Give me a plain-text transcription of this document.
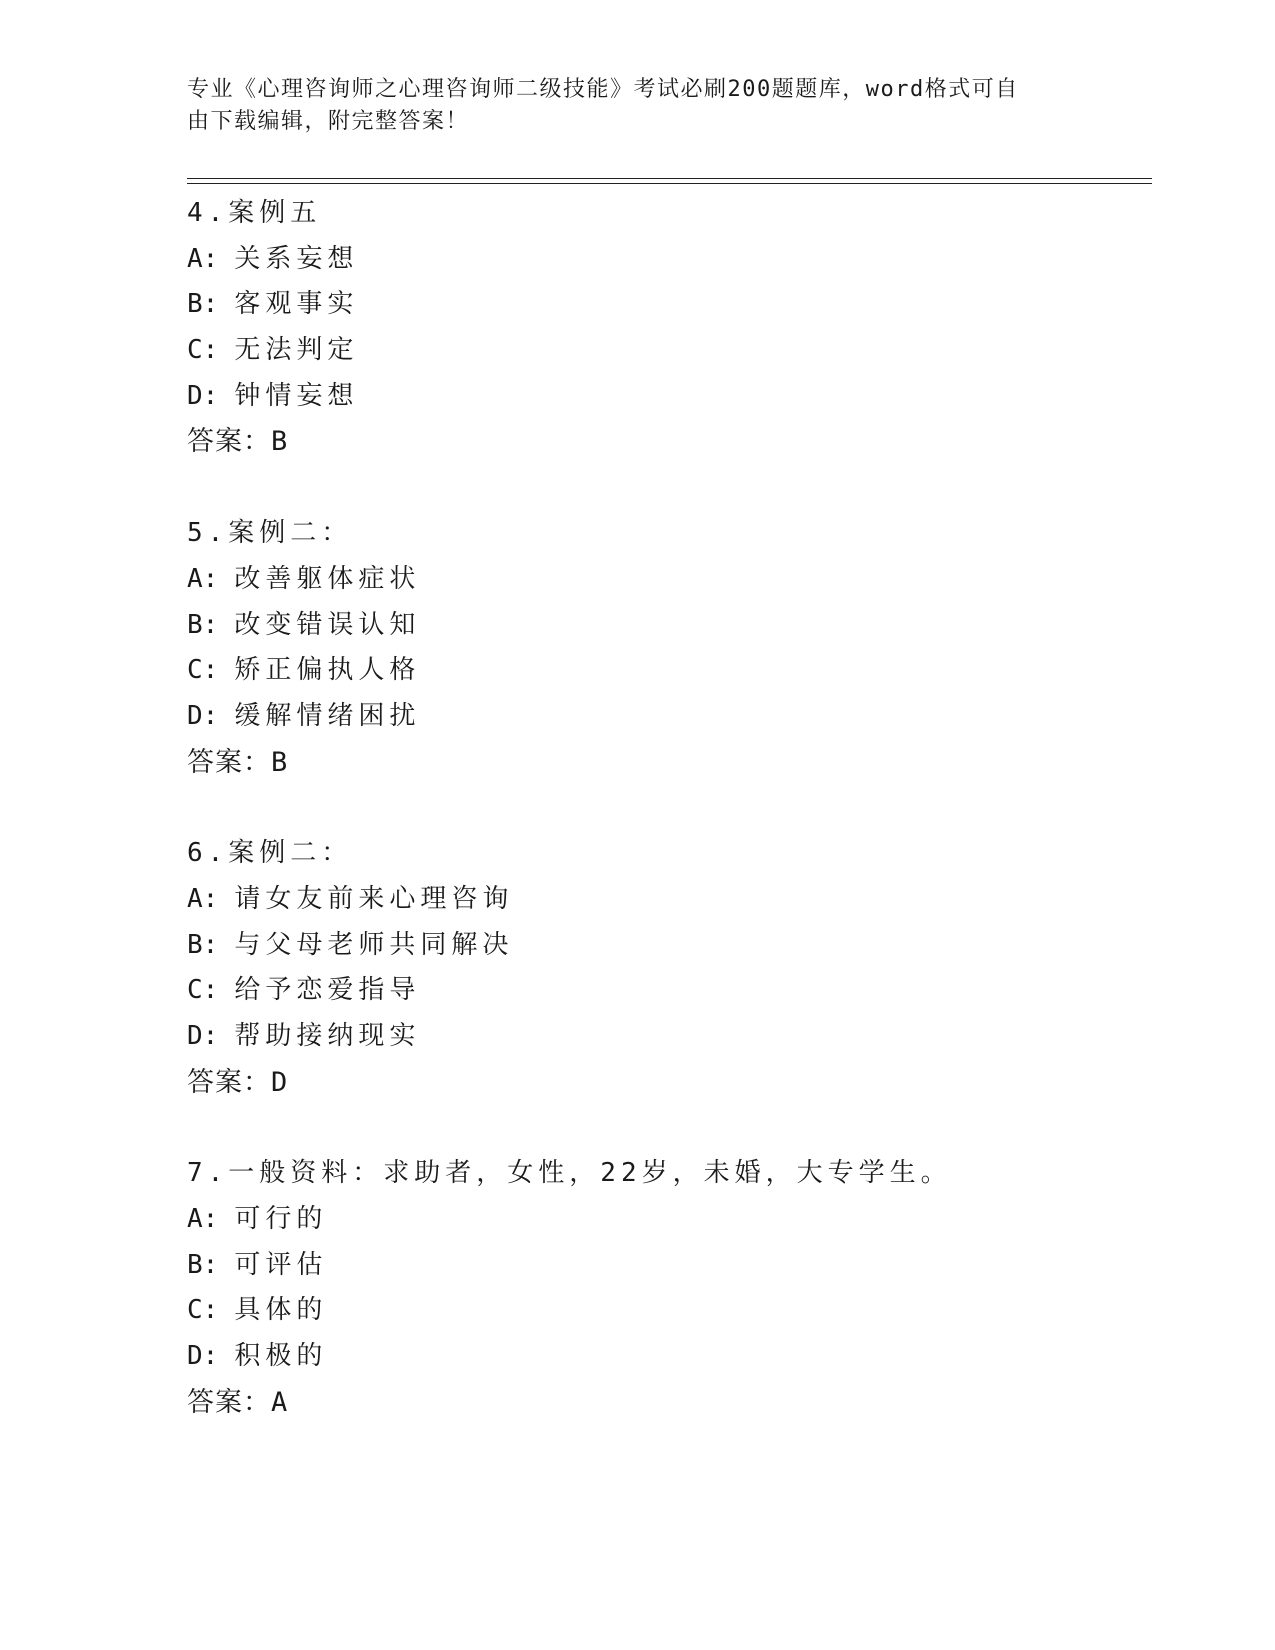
专业《心理咨询师之心理咨询师二级技能》考试必刷200题题库，word格式可自
由下载编辑，附完整答案！
4.案例五
A: 关系妄想
B: 客观事实
C: 无法判定
D: 钟情妄想
答案：B
5.案例二：
A: 改善躯体症状
B: 改变错误认知
C: 矫正偏执人格
D: 缓解情绪困扰
答案：B
6.案例二：
A: 请女友前来心理咨询
B: 与父母老师共同解决
C: 给予恋爱指导
D: 帮助接纳现实
答案：D
7.一般资料：求助者，女性，22岁，未婚，大专学生。
A: 可行的
B: 可评估
C: 具体的
D: 积极的
答案：A
